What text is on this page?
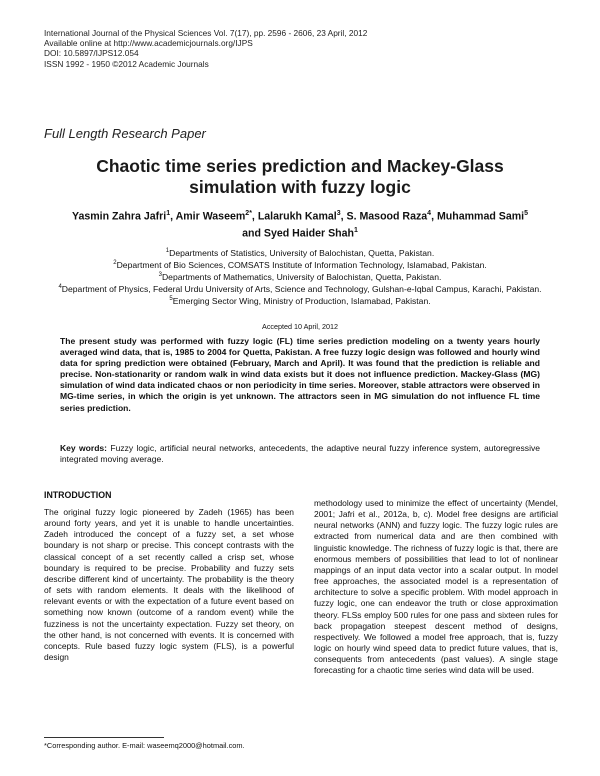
International Journal of the Physical Sciences Vol. 7(17), pp. 2596 - 2606, 23 April, 2012
Available online at http://www.academicjournals.org/IJPS
DOI: 10.5897/IJPS12.054
ISSN 1992 - 1950 ©2012 Academic Journals
Full Length Research Paper
Chaotic time series prediction and Mackey-Glass
simulation with fuzzy logic
Yasmin Zahra Jafri$^1$, Amir Waseem$^{2*}$, Lalarukh Kamal$^3$, S. Masood Raza$^4$, Muhammad Sami$^5$
and Syed Haider Shah$^1$
$^1$Departments of Statistics, University of Balochistan, Quetta, Pakistan.
$^2$Department of Bio Sciences, COMSATS Institute of Information Technology, Islamabad, Pakistan.
$^3$Departments of Mathematics, University of Balochistan, Quetta, Pakistan.
$^4$Department of Physics, Federal Urdu University of Arts, Science and Technology, Gulshan-e-Iqbal Campus, Karachi, Pakistan.
$^5$Emerging Sector Wing, Ministry of Production, Islamabad, Pakistan.
Accepted 10 April, 2012
The present study was performed with fuzzy logic (FL) time series prediction modeling on a twenty years hourly averaged wind data, that is, 1985 to 2004 for Quetta, Pakistan. A free fuzzy logic design was followed and hourly wind data for spring prediction were obtained (February, March and April). It was found that the prediction is reliable and precise. Non-stationarity or random walk in wind data exists but it does not influence prediction. Mackey-Glass (MG) simulation of wind data indicated chaos or non periodicity in time series. Moreover, stable attractors were observed in MG-time series, in which the origin is yet unknown. The attractors seen in MG simulation do not influence FL time series prediction.
Key words: Fuzzy logic, artificial neural networks, antecedents, the adaptive neural fuzzy inference system, autoregressive integrated moving average.
INTRODUCTION
The original fuzzy logic pioneered by Zadeh (1965) has been around forty years, and yet it is unable to handle uncertainties. Zadeh introduced the concept of a fuzzy set, a set whose boundary is not sharp or precise. This concept contrasts with the classical concept of a set recently called a crisp set, whose boundary is required to be precise. Probability and fuzzy sets describe different kind of uncertainty. The probability is the theory of sets with random elements. It deals with the likelihood of relevant events or with the expectation of a future event based on something now known (outcome of a random event) while the fuzziness is not the uncertainty expectation. Fuzzy set theory, on the other hand, is not concerned with events. It is concerned with concepts. Rule based fuzzy logic system (FLS), is a powerful design
methodology used to minimize the effect of uncertainty (Mendel, 2001; Jafri et al., 2012a, b, c). Model free designs are artificial neural networks (ANN) and fuzzy logic. The fuzzy logic rules are extracted from numerical data and are then combined with linguistic knowledge. The richness of fuzzy logic is that, there are enormous members of possibilities that lead to lot of nonlinear mappings of an input data vector into a scalar output. In model free approaches, the associated model is a representation of architecture to solve a specific problem. With model approach in fuzzy logic, one can endeavor the truth or close approximation theory. FLSs employ 500 rules for one pass and sixteen rules for back propagation steepest descent method of designs, respectively. We followed a model free approach, that is, fuzzy logic on hourly wind speed data to predict future values, that is, consequents from antecedents (past values). A single stage forecasting for a chaotic time series wind data will be used.
*Corresponding author. E-mail: waseemq2000@hotmail.com.
